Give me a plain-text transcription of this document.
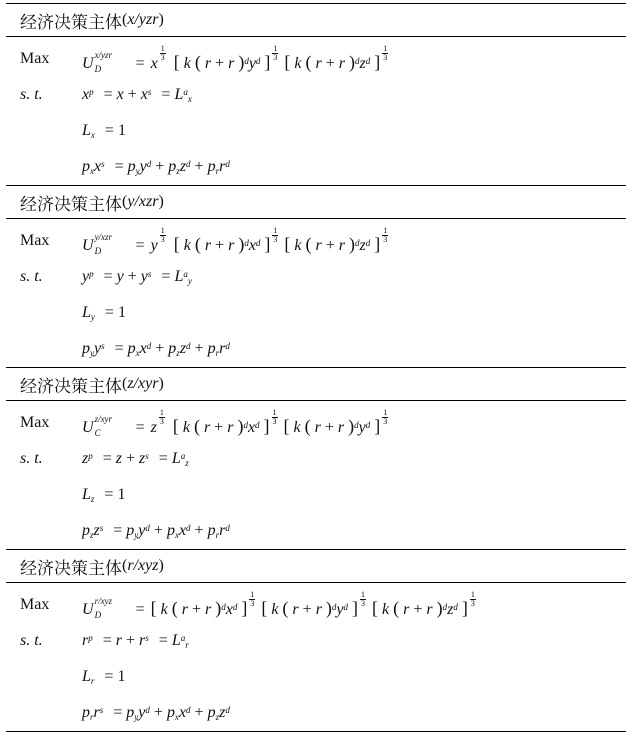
经济决策主体 (x/yzr)
Max	U x/yzr
D = x
$\frac{1}{3}$ [ k ( r + r )$^dy^d$ ] $\frac{1}{3}$ [ k ( r + r )$^dz^d$ ] $\frac{1}{3}$
s. t.	$x^p = x + x^s = L^a_x$
$L_x = 1$
$p_xx^s = p_yy^d + p_zz^d + p_rr^d$
经济决策主体 (y/xzr)
Max	U y/xzr
D = y
$\frac{1}{3}$ [ k ( r + r )$^dx^d$ ] $\frac{1}{3}$ [ k ( r + r )$^dz^d$ ] $\frac{1}{3}$
s. t.	$y^p = y + y^s = L^a_y$
$L_y = 1$
$p_yy^s = p_xx^d + p_zz^d + p_rr^d$
经济决策主体 (z/xyr)
Max	U z/xyr
C = z
$\frac{1}{3}$ [ k ( r + r )$^dx^d$ ] $\frac{1}{3}$ [ k ( r + r )$^dy^d$ ] $\frac{1}{3}$
s. t.	$z^p = z + z^s = L^a_z$
$L_z = 1$
$p_zz^s = p_yy^d + p_xx^d + p_rr^d$
经济决策主体 (r/xyz)
Max	U r/xyz
D = [ k ( r + r )$^dx^d$ ] $\frac{1}{3}$ [ k ( r + r )$^dy^d$ ] $\frac{1}{3}$ [ k ( r + r )$^dz^d$ ] $\frac{1}{3}$
s. t.	$r^p = r + r^s = L^a_r$
$L_r = 1$
$p_rr^s = p_yy^d + p_xx^d + p_zz^d$
